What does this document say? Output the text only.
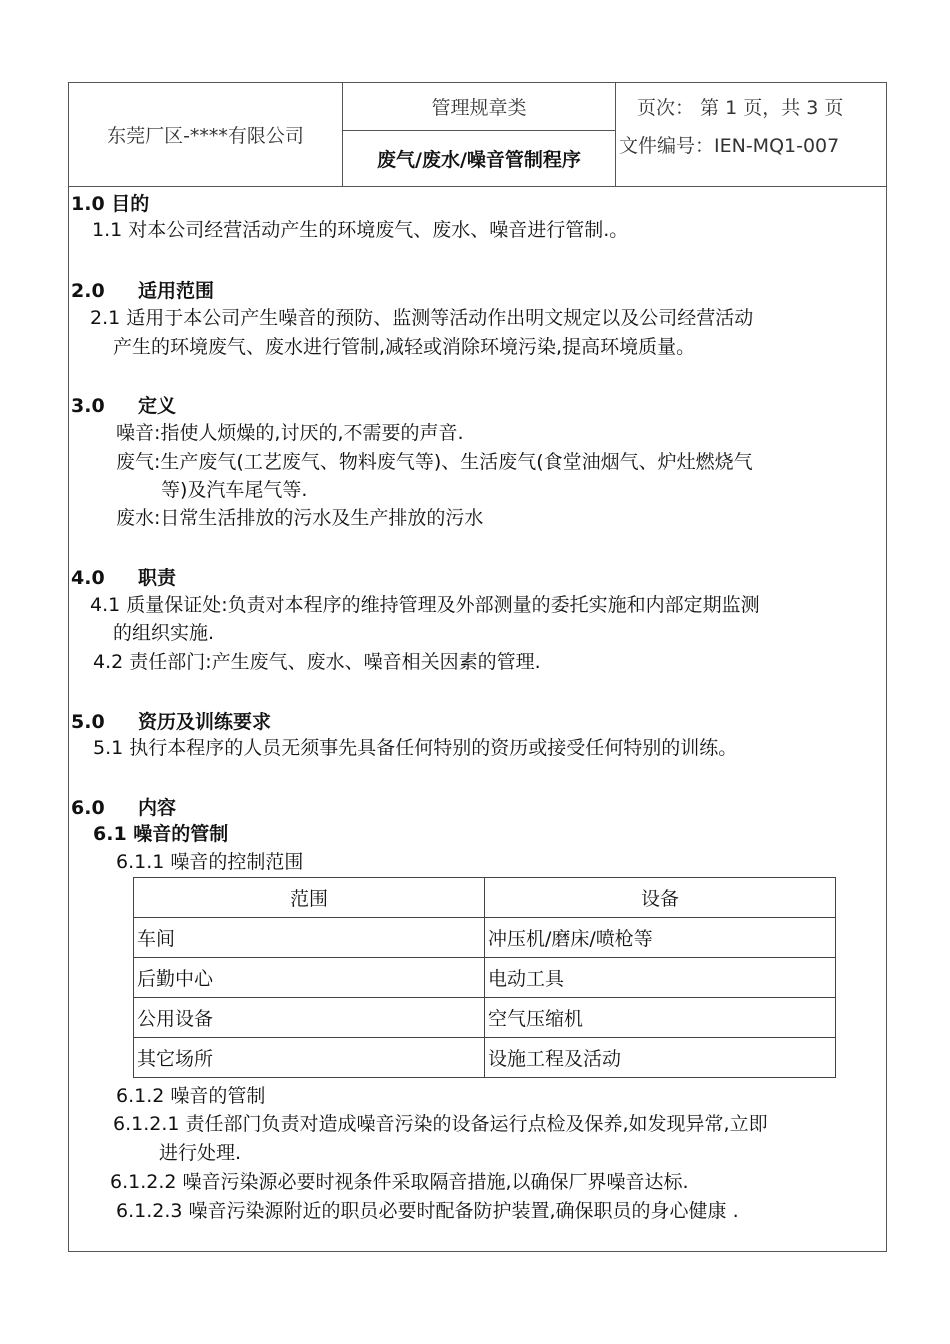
东莞厂区-****有限公司
管理规章类
废气/废水/噪音管制程序
页次： 第 1 页，共 3 页
文件编号：IEN-MQ1-007
1.0 目的
1.1 对本公司经营活动产生的环境废气、废水、噪音进行管制.。
2.0 适用范围
2.1 适用于本公司产生噪音的预防、监测等活动作出明文规定以及公司经营活动
产生的环境废气、废水进行管制,减轻或消除环境污染,提高环境质量。
3.0 定义
噪音:指使人烦燥的,讨厌的,不需要的声音.
废气:生产废气(工艺废气、物料废气等)、生活废气(食堂油烟气、炉灶燃烧气
等)及汽车尾气等.
废水:日常生活排放的污水及生产排放的污水
4.0 职责
4.1 质量保证处:负责对本程序的维持管理及外部测量的委托实施和内部定期监测
的组织实施.
4.2 责任部门:产生废气、废水、噪音相关因素的管理.
5.0 资历及训练要求
5.1 执行本程序的人员无须事先具备任何特别的资历或接受任何特别的训练。
6.0 内容
6.1 噪音的管制
6.1.1 噪音的控制范围
范围	设备
车间	冲压机/磨床/喷枪等
后勤中心	电动工具
公用设备	空气压缩机
其它场所	设施工程及活动
6.1.2 噪音的管制
6.1.2.1 责任部门负责对造成噪音污染的设备运行点检及保养,如发现异常,立即
进行处理.
6.1.2.2 噪音污染源必要时视条件采取隔音措施,以确保厂界噪音达标.
6.1.2.3 噪音污染源附近的职员必要时配备防护装置,确保职员的身心健康 .
